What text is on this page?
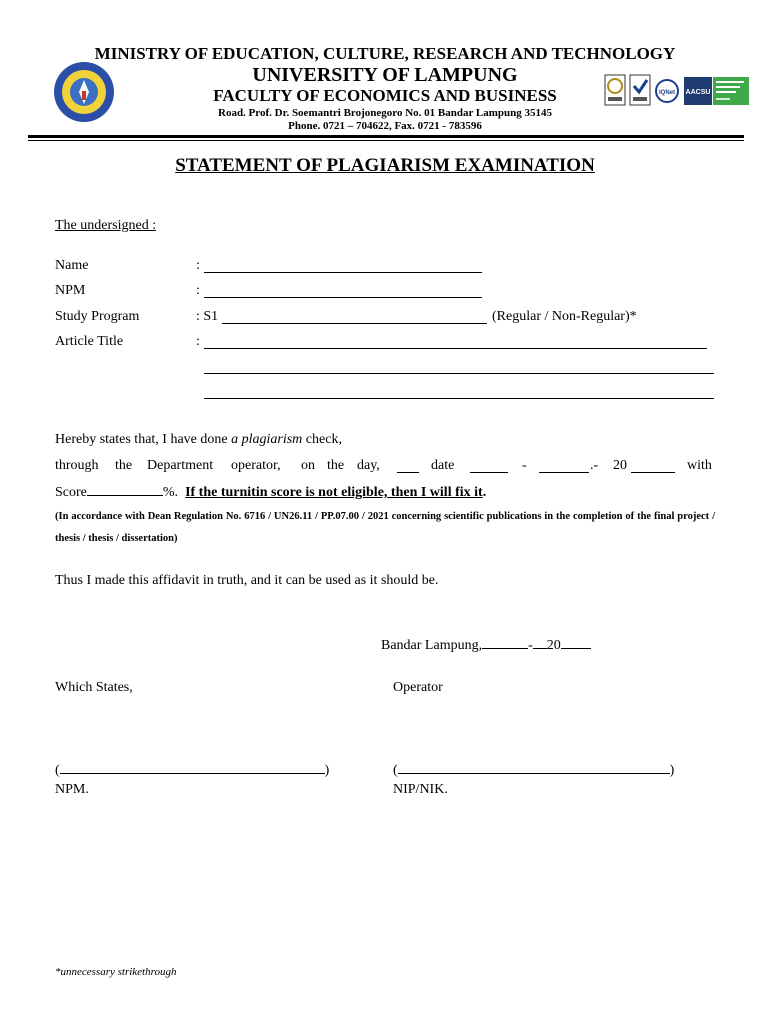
MINISTRY OF EDUCATION, CULTURE, RESEARCH AND TECHNOLOGY
UNIVERSITY OF LAMPUNG
FACULTY OF ECONOMICS AND BUSINESS
Road. Prof. Dr. Soemantri Brojonegoro No. 01 Bandar Lampung 35145
Phone. 0721 – 704622, Fax. 0721 - 783596
IQNet AACSU
STATEMENT OF PLAGIARISM EXAMINATION
The undersigned :
Name	:
NPM	:
Study Program	: S1	(Regular / Non-Regular)*
Article Title	:
Hereby states that, I have done a plagiarism check,
through the Department operator, on the day,	date	-	.- 20	with
Score	%. If the turnitin score is not eligible, then I will fix it.
(In accordance with Dean Regulation No. 6716 / UN26.11 / PP.07.00 / 2021 concerning scientific publications in the completion of the final project / thesis / thesis / dissertation)
Thus I made this affidavit in truth, and it can be used as it should be.
Bandar Lampung,	- 20
Which States,	Operator
(	)	(	)
NPM.	NIP/NIK.
*unnecessary strikethrough
